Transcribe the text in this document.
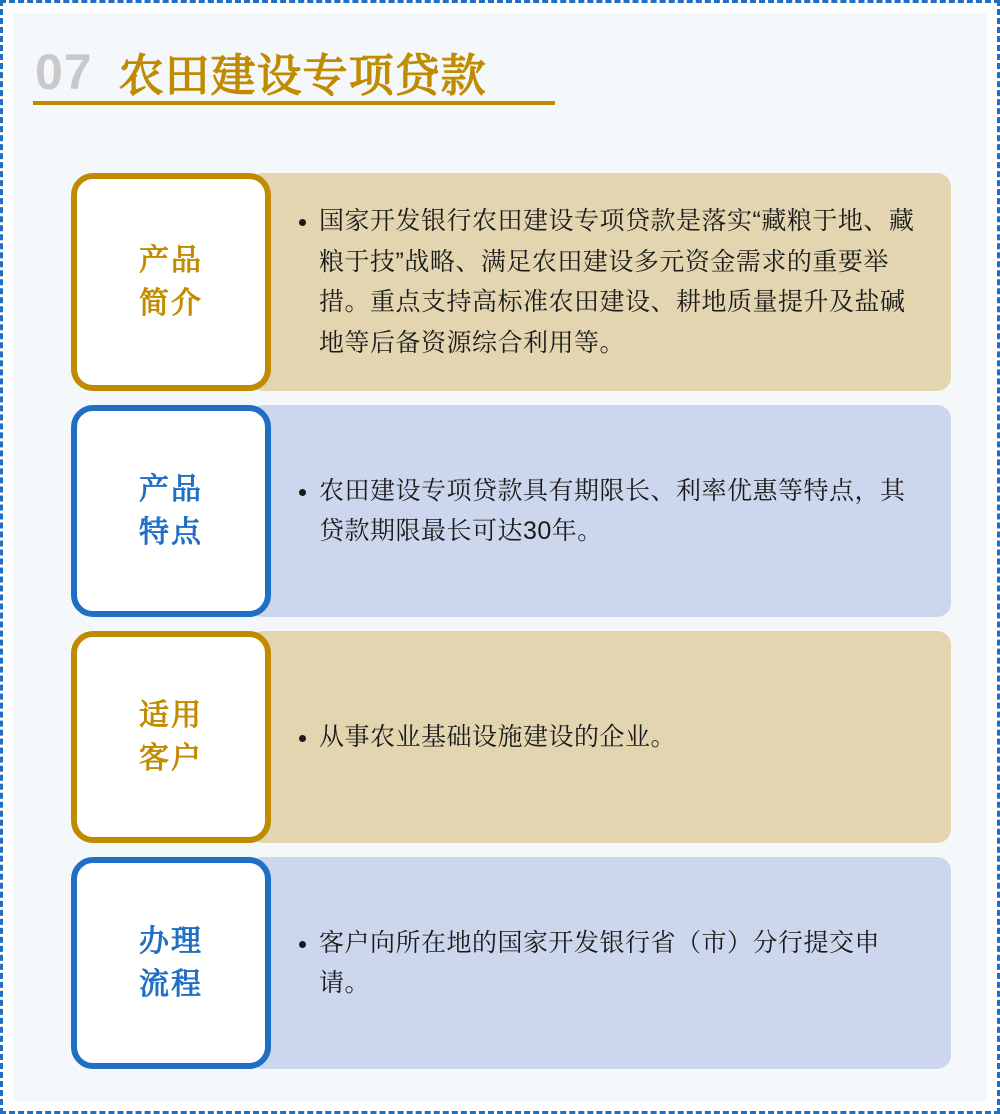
07 农田建设专项贷款
产品
简介
国家开发银行农田建设专项贷款是落实“藏粮于地、藏粮于技”战略、满足农田建设多元资金需求的重要举措。重点支持高标准农田建设、耕地质量提升及盐碱地等后备资源综合利用等。
产品
特点
农田建设专项贷款具有期限长、利率优惠等特点，其贷款期限最长可达30年。
适用
客户
从事农业基础设施建设的企业。
办理
流程
客户向所在地的国家开发银行省（市）分行提交申请。
